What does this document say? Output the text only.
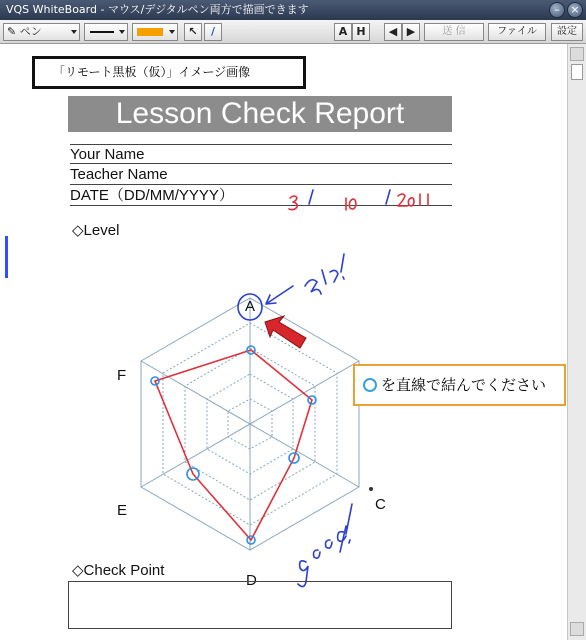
VQS WhiteBoard - マウス/デジタルペン両方で描画できます	– ×
✎ ペン	↖	/	A H	◀ ▶	送 信	ファイル	設定
「リモート黒板（仮）」イメージ画像
Lesson Check Report
Your Name
Teacher Name
DATE（DD/MM/YYYY）
◇Level
A
C
D
E
F
を直線で結んでください
◇Check Point
